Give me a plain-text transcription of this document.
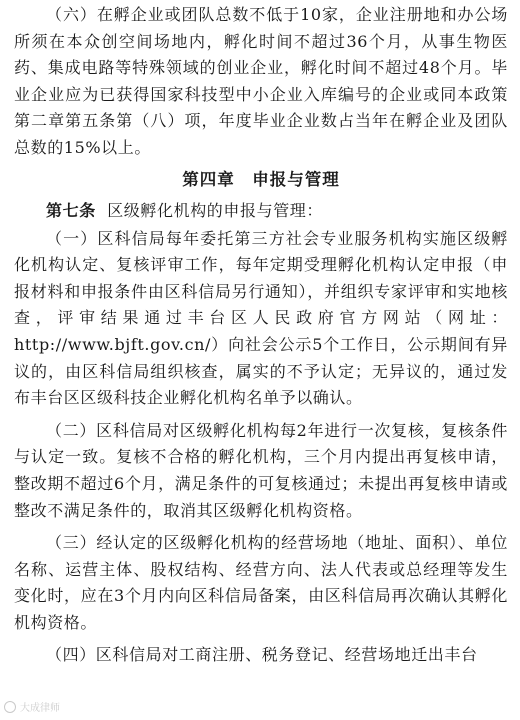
（六）在孵企业或团队总数不低于10家，企业注册地和办公场所须在本众创空间场地内，孵化时间不超过36个月，从事生物医药、集成电路等特殊领域的创业企业，孵化时间不超过48个月。毕业企业应为已获得国家科技型中小企业入库编号的企业或同本政策第二章第五条第（八）项，年度毕业企业数占当年在孵企业及团队总数的15%以上。

第四章　申报与管理

第七条 区级孵化机构的申报与管理：

（一）区科信局每年委托第三方社会专业服务机构实施区级孵化机构认定、复核评审工作，每年定期受理孵化机构认定申报（申报材料和申报条件由区科信局另行通知），并组织专家评审和实地核查，评审结果通过丰台区人民政府官方网站（网址：http://www.bjft.gov.cn/）向社会公示5个工作日，公示期间有异议的，由区科信局组织核查，属实的不予认定；无异议的，通过发布丰台区区级科技企业孵化机构名单予以确认。

（二）区科信局对区级孵化机构每2年进行一次复核，复核条件与认定一致。复核不合格的孵化机构，三个月内提出再复核申请，整改期不超过6个月，满足条件的可复核通过；未提出再复核申请或整改不满足条件的，取消其区级孵化机构资格。

（三）经认定的区级孵化机构的经营场地（地址、面积）、单位名称、运营主体、股权结构、经营方向、法人代表或总经理等发生变化时，应在3个月内向区科信局备案，由区科信局再次确认其孵化机构资格。

（四）区科信局对工商注册、税务登记、经营场地迁出丰台

大成律师
